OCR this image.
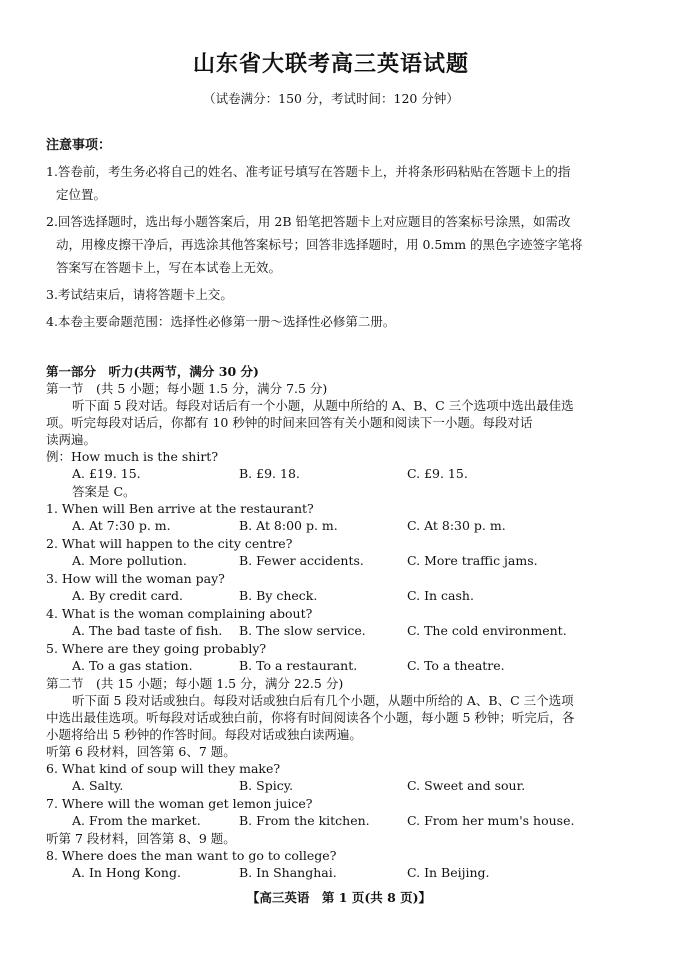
山东省大联考高三英语试题
（试卷满分：150 分，考试时间：120 分钟）
注意事项：
1.答卷前，考生务必将自己的姓名、准考证号填写在答题卡上，并将条形码粘贴在答题卡上的指
定位置。
2.回答选择题时，选出每小题答案后，用 2B 铅笔把答题卡上对应题目的答案标号涂黑，如需改
动，用橡皮擦干净后，再选涂其他答案标号；回答非选择题时，用 0.5mm 的黑色字迹签字笔将
答案写在答题卡上，写在本试卷上无效。
3.考试结束后，请将答题卡上交。
4.本卷主要命题范围：选择性必修第一册～选择性必修第二册。
第一部分　听力(共两节，满分 30 分)
第一节　(共 5 小题；每小题 1.5 分，满分 7.5 分)
听下面 5 段对话。每段对话后有一个小题，从题中所给的 A、B、C 三个选项中选出最佳选
项。听完每段对话后，你都有 10 秒钟的时间来回答有关小题和阅读下一小题。每段对话
读两遍。
例：How much is the shirt?
A. £19. 15.	B. £9. 18.	C. £9. 15.
答案是 C。
1. When will Ben arrive at the restaurant?
A. At 7:30 p. m.	B. At 8:00 p. m.	C. At 8:30 p. m.
2. What will happen to the city centre?
A. More pollution.	B. Fewer accidents.	C. More traffic jams.
3. How will the woman pay?
A. By credit card.	B. By check.	C. In cash.
4. What is the woman complaining about?
A. The bad taste of fish.	B. The slow service.	C. The cold environment.
5. Where are they going probably?
A. To a gas station.	B. To a restaurant.	C. To a theatre.
第二节　(共 15 小题；每小题 1.5 分，满分 22.5 分)
听下面 5 段对话或独白。每段对话或独白后有几个小题，从题中所给的 A、B、C 三个选项
中选出最佳选项。听每段对话或独白前，你将有时间阅读各个小题，每小题 5 秒钟；听完后，各
小题将给出 5 秒钟的作答时间。每段对话或独白读两遍。
听第 6 段材料，回答第 6、7 题。
6. What kind of soup will they make?
A. Salty.	B. Spicy.	C. Sweet and sour.
7. Where will the woman get lemon juice?
A. From the market.	B. From the kitchen.	C. From her mum's house.
听第 7 段材料，回答第 8、9 题。
8. Where does the man want to go to college?
A. In Hong Kong.	B. In Shanghai.	C. In Beijing.
【高三英语　第 1 页(共 8 页)】
